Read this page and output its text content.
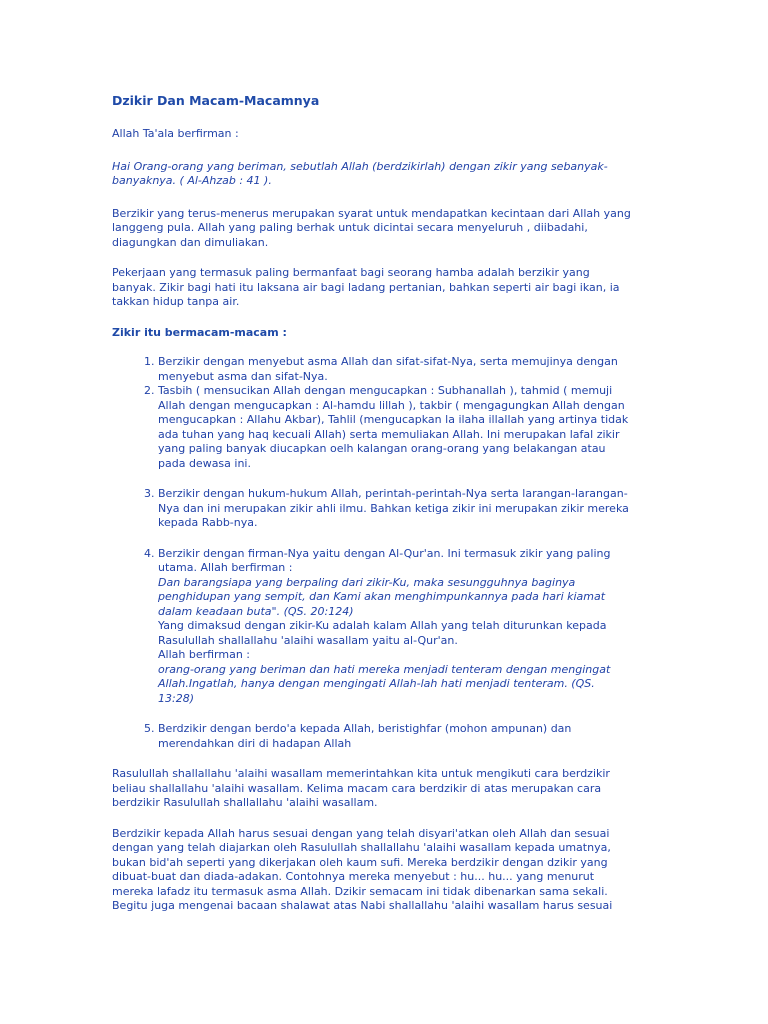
Dzikir Dan Macam-Macamnya

Allah Ta'ala berfirman :

Hai Orang-orang yang beriman, sebutlah Allah (berdzikirlah) dengan zikir yang sebanyak-banyaknya. ( Al-Ahzab : 41 ).

Berzikir yang terus-menerus merupakan syarat untuk mendapatkan kecintaan dari Allah yang langgeng pula. Allah yang paling berhak untuk dicintai secara menyeluruh , diibadahi, diagungkan dan dimuliakan.

Pekerjaan yang termasuk paling bermanfaat bagi seorang hamba adalah berzikir yang banyak. Zikir bagi hati itu laksana air bagi ladang pertanian, bahkan seperti air bagi ikan, ia takkan hidup tanpa air.

Zikir itu bermacam-macam :
1. Berzikir dengan menyebut asma Allah dan sifat-sifat-Nya, serta memujinya dengan menyebut asma dan sifat-Nya.
2. Tasbih ( mensucikan Allah dengan mengucapkan : Subhanallah ), tahmid ( memuji Allah dengan mengucapkan : Al-hamdu lillah ), takbir ( mengagungkan Allah dengan mengucapkan : Allahu Akbar), Tahlil (mengucapkan la ilaha illallah yang artinya tidak ada tuhan yang haq kecuali Allah) serta memuliakan Allah. Ini merupakan lafal zikir yang paling banyak diucapkan oelh kalangan orang-orang yang belakangan atau pada dewasa ini.
3. Berzikir dengan hukum-hukum Allah, perintah-perintah-Nya serta larangan-larangan-Nya dan ini merupakan zikir ahli ilmu. Bahkan ketiga zikir ini merupakan zikir mereka kepada Rabb-nya.
4. Berzikir dengan firman-Nya yaitu dengan Al-Qur'an. Ini termasuk zikir yang paling utama. Allah berfirman :
Dan barangsiapa yang berpaling dari zikir-Ku, maka sesungguhnya baginya penghidupan yang sempit, dan Kami akan menghimpunkannya pada hari kiamat dalam keadaan buta". (QS. 20:124)
Yang dimaksud dengan zikir-Ku adalah kalam Allah yang telah diturunkan kepada Rasulullah shallallahu 'alaihi wasallam yaitu al-Qur'an.
Allah berfirman :
orang-orang yang beriman dan hati mereka menjadi tenteram dengan mengingat Allah.Ingatlah, hanya dengan mengingati Allah-lah hati menjadi tenteram. (QS. 13:28)
5. Berdzikir dengan berdo'a kepada Allah, beristighfar (mohon ampunan) dan merendahkan diri di hadapan Allah

Rasulullah shallallahu 'alaihi wasallam memerintahkan kita untuk mengikuti cara berdzikir beliau shallallahu 'alaihi wasallam. Kelima macam cara berdzikir di atas merupakan cara berdzikir Rasulullah shallallahu 'alaihi wasallam.

Berdzikir kepada Allah harus sesuai dengan yang telah disyari'atkan oleh Allah dan sesuai dengan yang telah diajarkan oleh Rasulullah shallallahu 'alaihi wasallam kepada umatnya, bukan bid'ah seperti yang dikerjakan oleh kaum sufi. Mereka berdzikir dengan dzikir yang dibuat-buat dan diada-adakan. Contohnya mereka menyebut : hu... hu... yang menurut mereka lafadz itu termasuk asma Allah. Dzikir semacam ini tidak dibenarkan sama sekali. Begitu juga mengenai bacaan shalawat atas Nabi shallallahu 'alaihi wasallam harus sesuai
